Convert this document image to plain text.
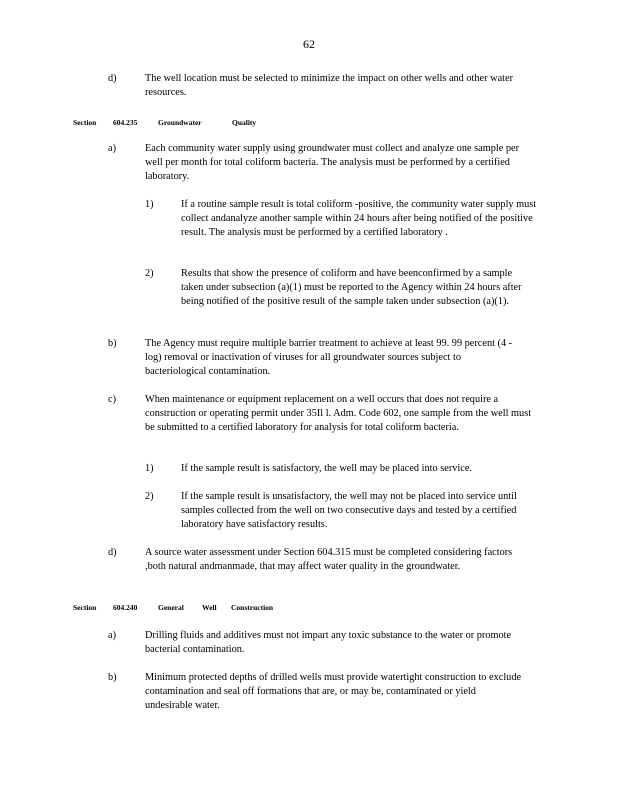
62
d)	The well location must be selected to minimize the impact on other wells and other water resources.
Section 604.235	Groundwater	Quality
a)	Each community water supply using groundwater must collect and analyze one sample per well per month for total coliform bacteria. The analysis must be performed by a certified laboratory.
1)	If a routine sample result is total coliform -positive, the community water supply must collect andanalyze another sample within 24 hours after being notified of the positive result. The analysis must be performed by a certified laboratory .
2)	Results that show the presence of coliform and have beenconfirmed by a sample taken under subsection (a)(1) must be reported to the Agency within 24 hours after being notified of the positive result of the sample taken under subsection (a)(1).
b)	The Agency must require multiple barrier treatment to achieve at least 99. 99 percent (4 -log) removal or inactivation of viruses for all groundwater sources subject to bacteriological contamination.
c)	When maintenance or equipment replacement on a well occurs that does not require a construction or operating permit under 35Il l. Adm. Code 602, one sample from the well must be submitted to a certified laboratory for analysis for total coliform bacteria.
1)	If the sample result is satisfactory, the well may be placed into service.
2)	If the sample result is unsatisfactory, the well may not be placed into service until samples collected from the well on two consecutive days and tested by a certified laboratory have satisfactory results.
d)	A source water assessment under Section 604.315 must be completed considering factors ,both natural andmanmade, that may affect water quality in the groundwater.
Section 604.240	General Well Construction
a)	Drilling fluids and additives must not impart any toxic substance to the water or promote bacterial contamination.
b)	Minimum protected depths of drilled wells must provide watertight construction to exclude contamination and seal off formations that are, or may be, contaminated or yield undesirable water.
